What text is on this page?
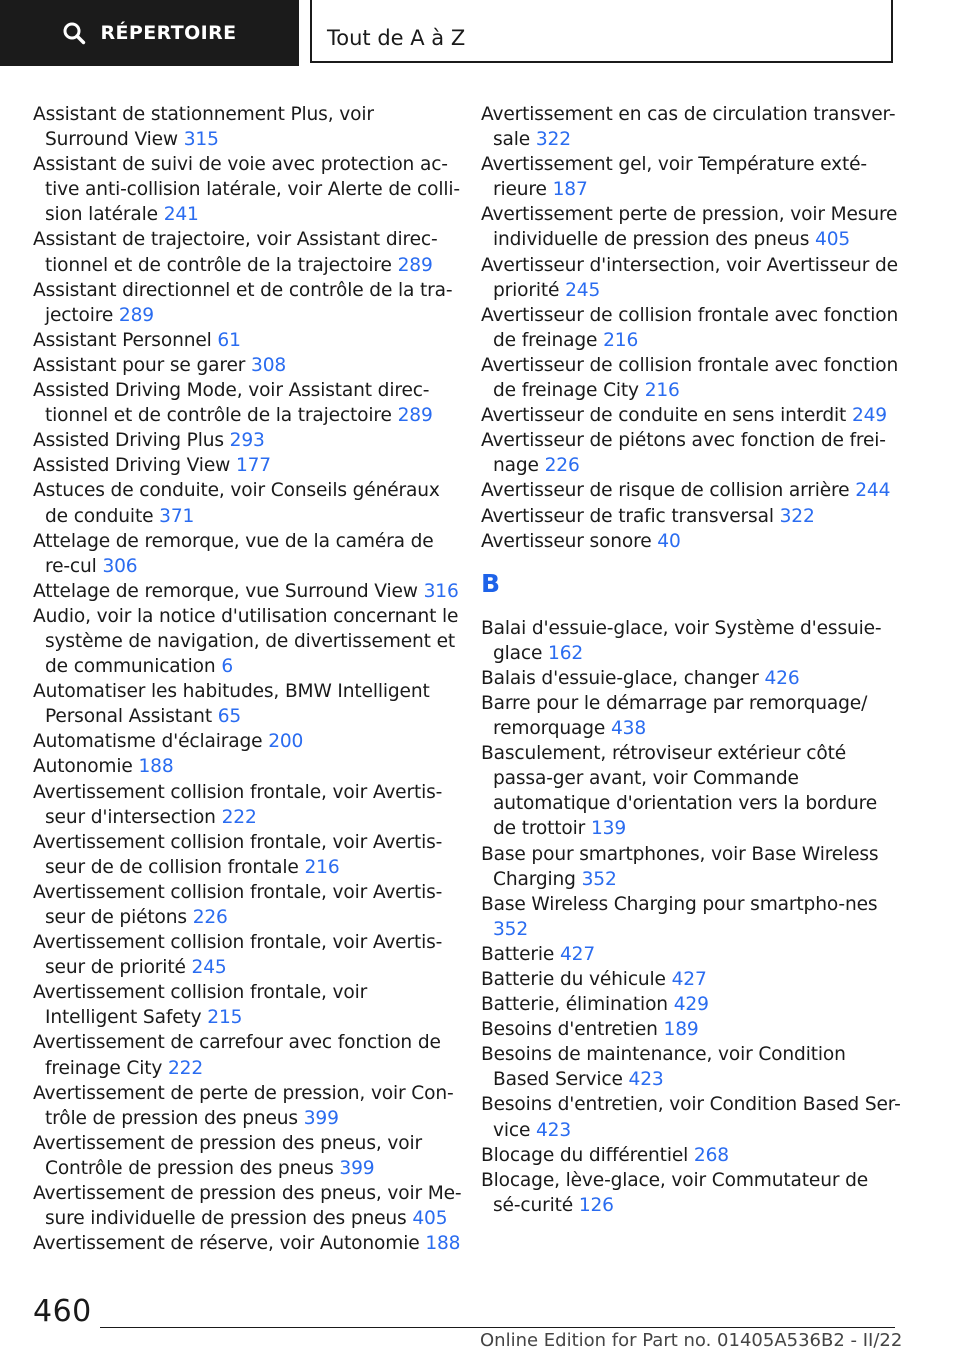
RÉPERTOIRE	Tout de A à Z
Assistant de stationnement Plus, voir Surround View 315
Assistant de suivi de voie avec protection ac-tive anti-collision latérale, voir Alerte de colli-sion latérale 241
Assistant de trajectoire, voir Assistant direc-tionnel et de contrôle de la trajectoire 289
Assistant directionnel et de contrôle de la tra-jectoire 289
Assistant Personnel 61
Assistant pour se garer 308
Assisted Driving Mode, voir Assistant direc-tionnel et de contrôle de la trajectoire 289
Assisted Driving Plus 293
Assisted Driving View 177
Astuces de conduite, voir Conseils généraux de conduite 371
Attelage de remorque, vue de la caméra de re-cul 306
Attelage de remorque, vue Surround View 316
Audio, voir la notice d'utilisation concernant le système de navigation, de divertissement et de communication 6
Automatiser les habitudes, BMW Intelligent Personal Assistant 65
Automatisme d'éclairage 200
Autonomie 188
Avertissement collision frontale, voir Avertis-seur d'intersection 222
Avertissement collision frontale, voir Avertis-seur de de collision frontale 216
Avertissement collision frontale, voir Avertis-seur de piétons 226
Avertissement collision frontale, voir Avertis-seur de priorité 245
Avertissement collision frontale, voir Intelligent Safety 215
Avertissement de carrefour avec fonction de freinage City 222
Avertissement de perte de pression, voir Con-trôle de pression des pneus 399
Avertissement de pression des pneus, voir Contrôle de pression des pneus 399
Avertissement de pression des pneus, voir Me-sure individuelle de pression des pneus 405
Avertissement de réserve, voir Autonomie 188
Avertissement en cas de circulation transver-sale 322
Avertissement gel, voir Température exté-rieure 187
Avertissement perte de pression, voir Mesure individuelle de pression des pneus 405
Avertisseur d'intersection, voir Avertisseur de priorité 245
Avertisseur de collision frontale avec fonction de freinage 216
Avertisseur de collision frontale avec fonction de freinage City 216
Avertisseur de conduite en sens interdit 249
Avertisseur de piétons avec fonction de frei-nage 226
Avertisseur de risque de collision arrière 244
Avertisseur de trafic transversal 322
Avertisseur sonore 40
B
Balai d'essuie-glace, voir Système d'essuie-glace 162
Balais d'essuie-glace, changer 426
Barre pour le démarrage par remorquage/ remorquage 438
Basculement, rétroviseur extérieur côté passa-ger avant, voir Commande automatique d'orientation vers la bordure de trottoir 139
Base pour smartphones, voir Base Wireless Charging 352
Base Wireless Charging pour smartpho-nes 352
Batterie 427
Batterie du véhicule 427
Batterie, élimination 429
Besoins d'entretien 189
Besoins de maintenance, voir Condition Based Service 423
Besoins d'entretien, voir Condition Based Ser-vice 423
Blocage du différentiel 268
Blocage, lève-glace, voir Commutateur de sé-curité 126
460
Online Edition for Part no. 01405A536B2 - II/22
